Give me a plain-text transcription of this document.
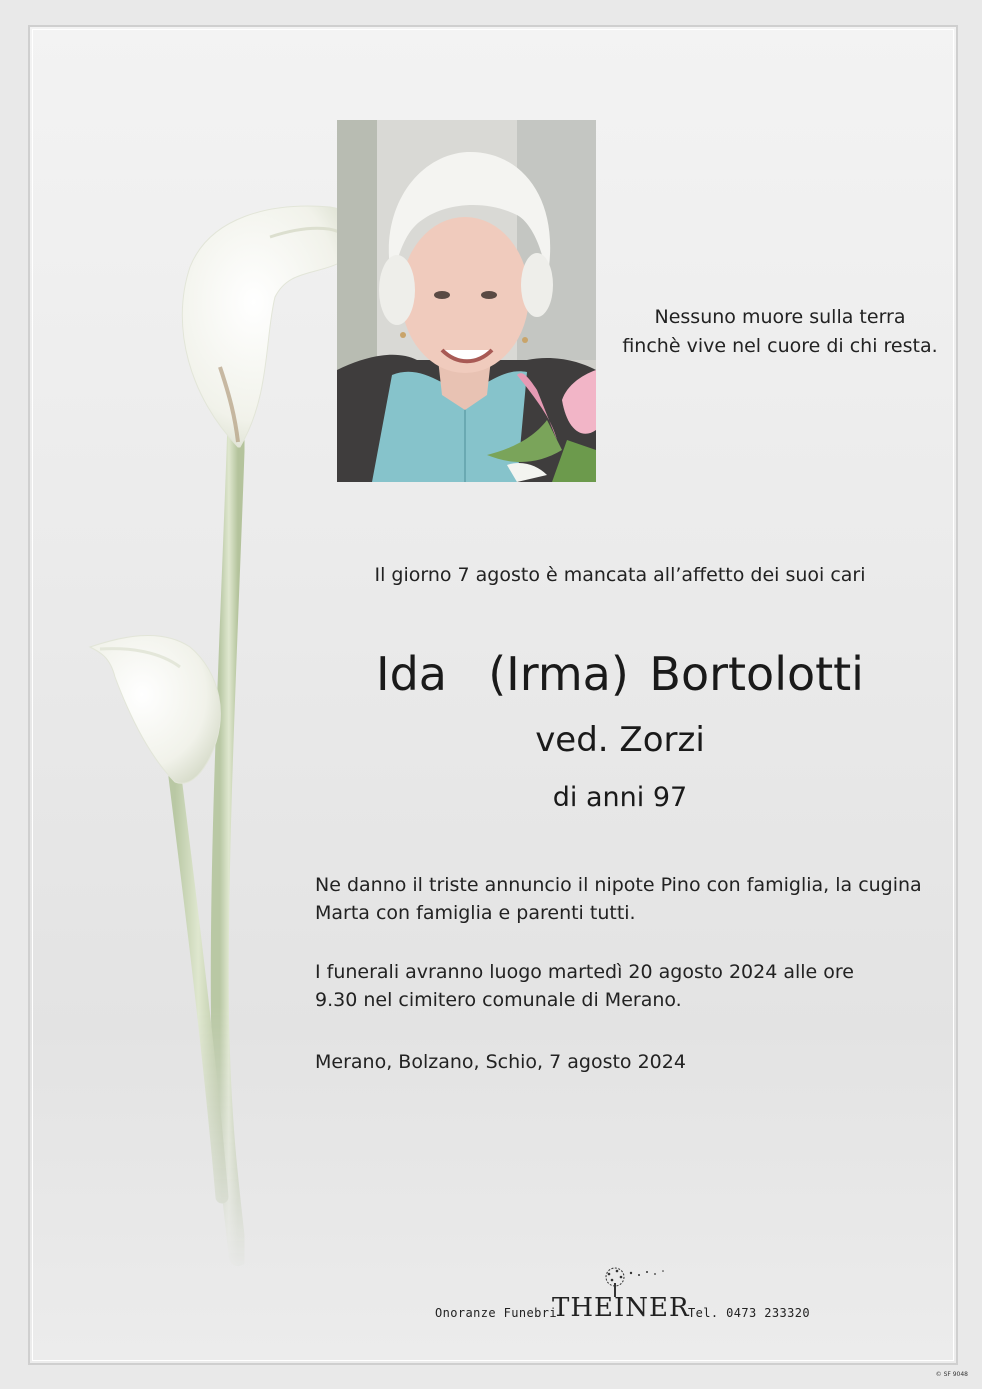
Nessuno muore sulla terra
finchè vive nel cuore di chi resta.
Il giorno 7 agosto è mancata all’affetto dei suoi cari
Ida  (Irma) Bortolotti
ved. Zorzi
di anni 97
Ne danno il triste annuncio il nipote Pino con famiglia, la cugina
Marta con famiglia e parenti tutti.
I funerali avranno luogo martedì 20 agosto 2024 alle ore
9.30 nel cimitero comunale di Merano.
Merano, Bolzano, Schio, 7 agosto 2024
Onoranze Funebri
THEINER
Tel. 0473 233320
© SF 9048
